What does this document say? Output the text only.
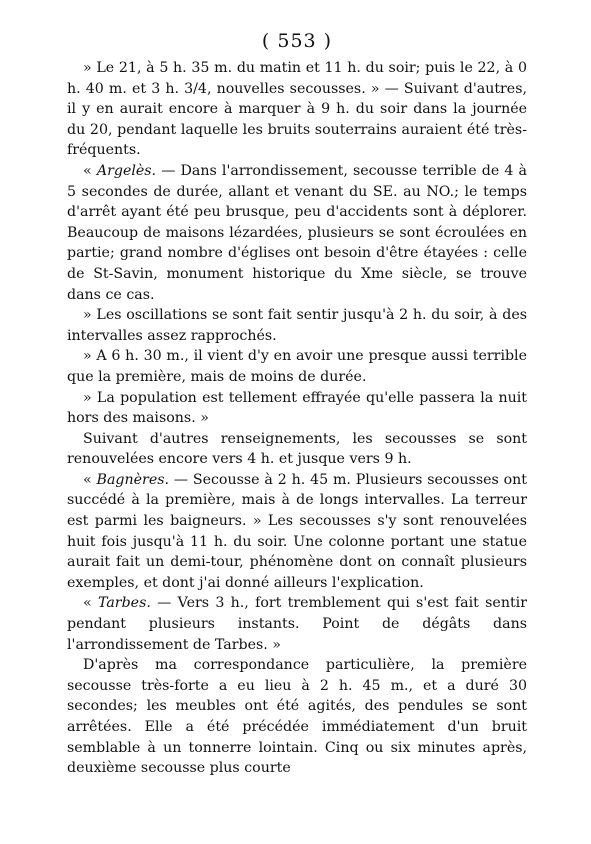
( 553 )

» Le 21, à 5 h. 35 m. du matin et 11 h. du soir; puis le 22, à 0 h. 40 m. et 3 h. 3/4, nouvelles secousses. » — Suivant d'autres, il y en aurait encore à marquer à 9 h. du soir dans la journée du 20, pendant laquelle les bruits souterrains auraient été très-fréquents.

« Argelès. — Dans l'arrondissement, secousse terrible de 4 à 5 secondes de durée, allant et venant du SE. au NO.; le temps d'arrêt ayant été peu brusque, peu d'accidents sont à déplorer. Beaucoup de maisons lézardées, plusieurs se sont écroulées en partie; grand nombre d'églises ont besoin d'être étayées : celle de St-Savin, monument historique du Xme siècle, se trouve dans ce cas.

» Les oscillations se sont fait sentir jusqu'à 2 h. du soir, à des intervalles assez rapprochés.

» A 6 h. 30 m., il vient d'y en avoir une presque aussi terrible que la première, mais de moins de durée.

» La population est tellement effrayée qu'elle passera la nuit hors des maisons. »

Suivant d'autres renseignements, les secousses se sont renouvelées encore vers 4 h. et jusque vers 9 h.

« Bagnères. — Secousse à 2 h. 45 m. Plusieurs secousses ont succédé à la première, mais à de longs intervalles. La terreur est parmi les baigneurs. » Les secousses s'y sont renouvelées huit fois jusqu'à 11 h. du soir. Une colonne portant une statue aurait fait un demi-tour, phénomène dont on connaît plusieurs exemples, et dont j'ai donné ailleurs l'explication.

« Tarbes. — Vers 3 h., fort tremblement qui s'est fait sentir pendant plusieurs instants. Point de dégâts dans l'arrondissement de Tarbes. »

D'après ma correspondance particulière, la première secousse très-forte a eu lieu à 2 h. 45 m., et a duré 30 secondes; les meubles ont été agités, des pendules se sont arrêtées. Elle a été précédée immédiatement d'un bruit semblable à un tonnerre lointain. Cinq ou six minutes après, deuxième secousse plus courte
